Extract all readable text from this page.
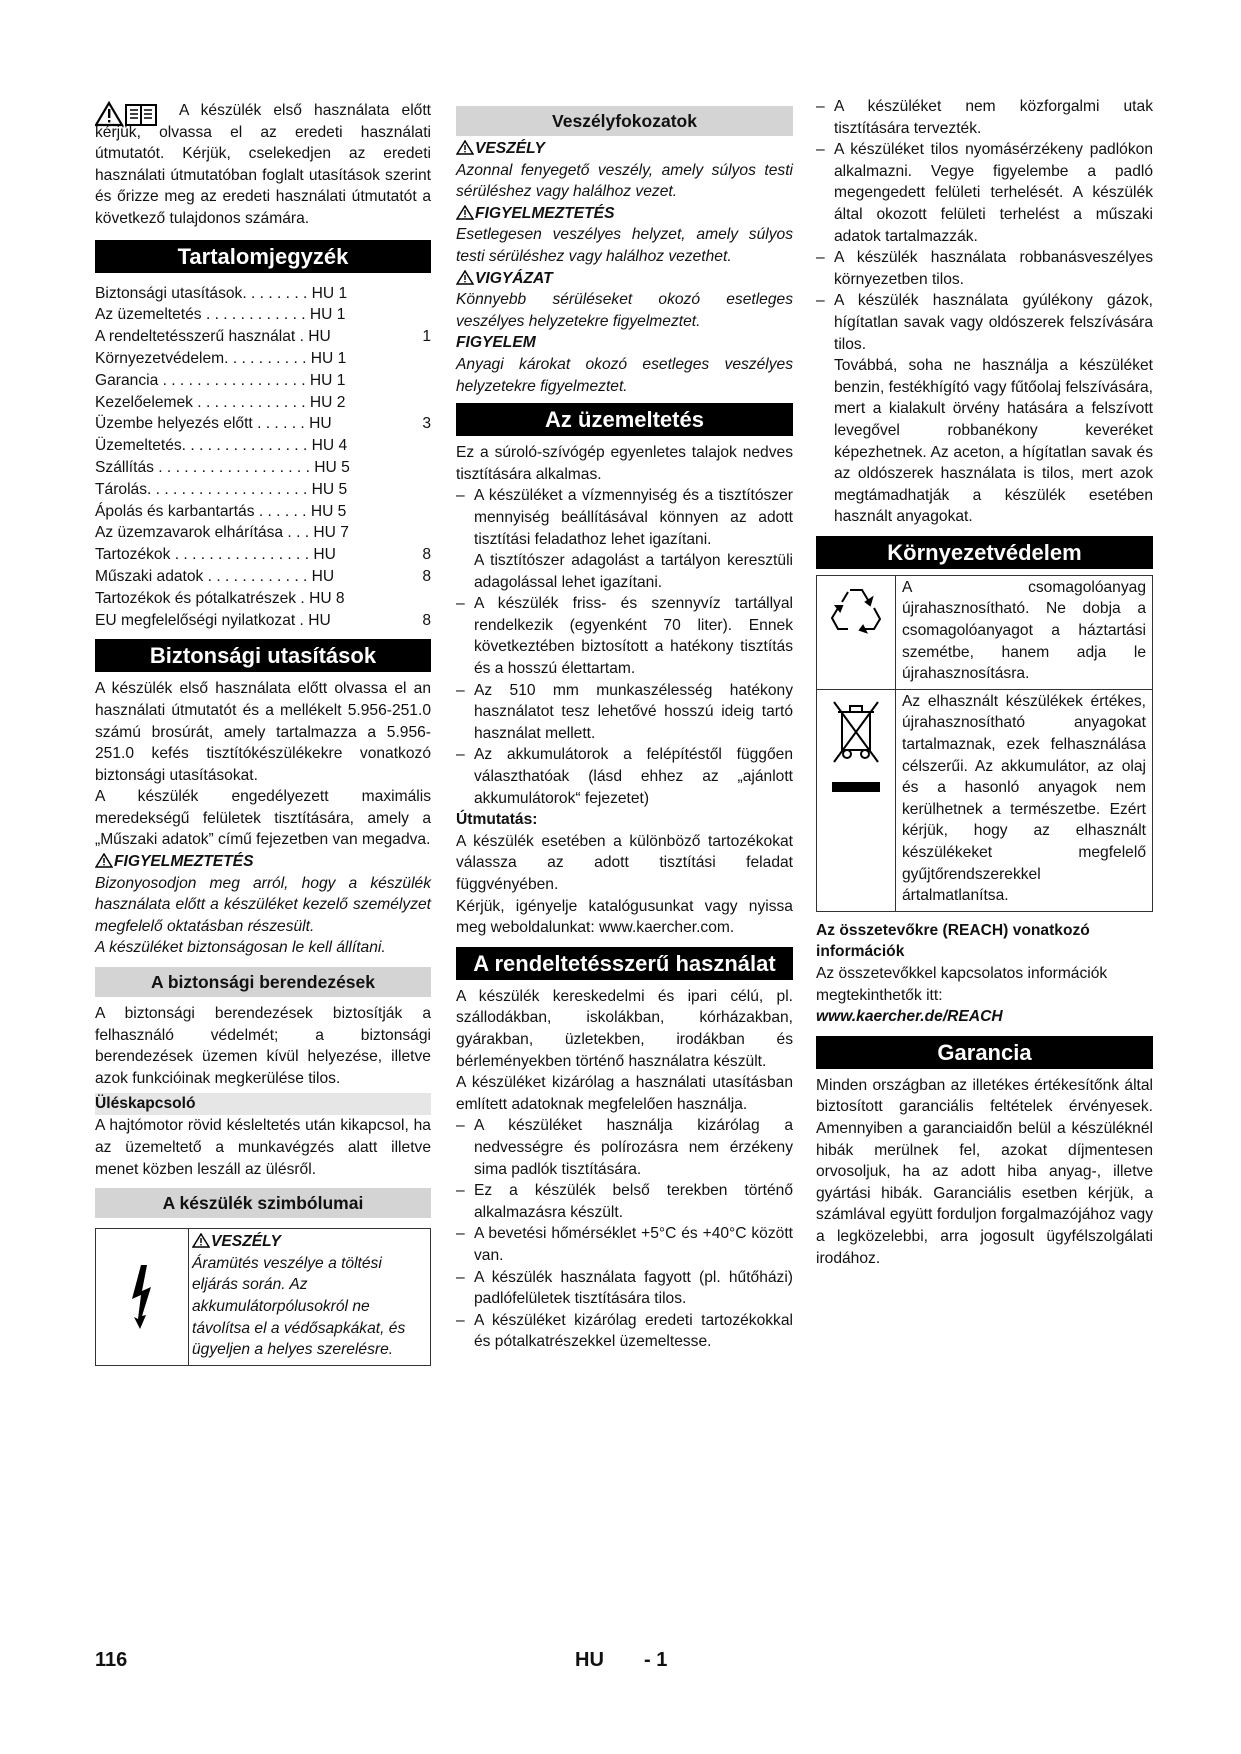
A készülék első használata előtt kérjük, olvassa el az eredeti használati útmutatót. Kérjük, cselekedjen az eredeti használati útmutatóban foglalt utasítások szerint és őrizze meg az eredeti használati útmutatót a következő tulajdonos számára.

Tartalomjegyzék
Biztonsági utasítások. . . . . . . . HU 1
Az üzemeltetés . . . . . . . . . . . . HU 1
A rendeltetésszerű használat . HU	1
Környezetvédelem. . . . . . . . . . HU 1
Garancia . . . . . . . . . . . . . . . . . HU 1
Kezelőelemek . . . . . . . . . . . . . HU 2
Üzembe helyezés előtt . . . . . . HU	3
Üzemeltetés. . . . . . . . . . . . . . . HU 4
Szállítás . . . . . . . . . . . . . . . . . . HU 5
Tárolás. . . . . . . . . . . . . . . . . . . HU 5
Ápolás és karbantartás . . . . . . HU 5
Az üzemzavarok elhárítása . . . HU 7
Tartozékok . . . . . . . . . . . . . . . . HU	8
Műszaki adatok . . . . . . . . . . . . HU	8
Tartozékok és pótalkatrészek . HU 8
EU megfelelőségi nyilatkozat . HU	8
Biztonsági utasítások

A készülék első használata előtt olvassa el an használati útmutatót és a mellékelt 5.956-251.0 számú brosúrát, amely tartalmazza a 5.956-251.0 kefés tisztítókészülékekre vonatkozó biztonsági utasításokat.

A készülék engedélyezett maximális meredekségű felületek tisztítására, amely a „Műszaki adatok” című fejezetben van megadva.

FIGYELMEZTETÉS

Bizonyosodjon meg arról, hogy a készülék használata előtt a készüléket kezelő személyzet megfelelő oktatásban részesült.

A készüléket biztonságosan le kell állítani.

A biztonsági berendezések

A biztonsági berendezések biztosítják a felhasználó védelmét; a biztonsági berendezések üzemen kívül helyezése, illetve azok funkcióinak megkerülése tilos.

Üléskapcsoló

A hajtómotor rövid késleltetés után kikapcsol, ha az üzemeltető a munkavégzés alatt illetve menet közben leszáll az ülésről.

A készülék szimbólumai

VESZÉLY

Áramütés veszélye a töltési eljárás során. Az akkumulátorpólusokról ne távolítsa el a védősapkákat, és ügyeljen a helyes szerelésre.

Veszélyfokozatok

VESZÉLY

Azonnal fenyegető veszély, amely súlyos testi sérüléshez vagy halálhoz vezet.

FIGYELMEZTETÉS

Esetlegesen veszélyes helyzet, amely súlyos testi sérüléshez vagy halálhoz vezethet.

VIGYÁZAT

Könnyebb sérüléseket okozó esetleges veszélyes helyzetekre figyelmeztet.

FIGYELEM

Anyagi károkat okozó esetleges veszélyes helyzetekre figyelmeztet.

Az üzemeltetés

Ez a súroló-szívógép egyenletes talajok nedves tisztítására alkalmas.

– A készüléket a vízmennyiség és a tisztítószer mennyiség beállításával könnyen az adott tisztítási feladathoz lehet igazítani.

A tisztítószer adagolást a tartályon keresztüli adagolással lehet igazítani.

– A készülék friss- és szennyvíz tartállyal rendelkezik (egyenként 70 liter). Ennek következtében biztosított a hatékony tisztítás és a hosszú élettartam.
– Az 510 mm munkaszélesség hatékony használatot tesz lehetővé hosszú ideig tartó használat mellett.
– Az akkumulátorok a felépítéstől függően választhatóak (lásd ehhez az „ajánlott akkumulátorok“ fejezetet)

Útmutatás:

A készülék esetében a különböző tartozékokat válassza az adott tisztítási feladat függvényében.

Kérjük, igényelje katalógusunkat vagy nyissa meg weboldalunkat: www.kaercher.com.

A rendeltetésszerű használat

A készülék kereskedelmi és ipari célú, pl. szállodákban, iskolákban, kórházakban, gyárakban, üzletekben, irodákban és bérleményekben történő használatra készült.

A készüléket kizárólag a használati utasításban említett adatoknak megfelelően használja.

– A készüléket használja kizárólag a nedvességre és polírozásra nem érzékeny sima padlók tisztítására.
– Ez a készülék belső terekben történő alkalmazásra készült.
– A bevetési hőmérséklet +5°C és +40°C között van.
– A készülék használata fagyott (pl. hűtőházi) padlófelületek tisztítására tilos.
– A készüléket kizárólag eredeti tartozékokkal és pótalkatrészekkel üzemeltesse.
– A készüléket nem közforgalmi utak tisztítására tervezték.
– A készüléket tilos nyomásérzékeny padlókon alkalmazni. Vegye figyelembe a padló megengedett felületi terhelését. A készülék által okozott felületi terhelést a műszaki adatok tartalmazzák.
– A készülék használata robbanásveszélyes környezetben tilos.
– A készülék használata gyúlékony gázok, hígítatlan savak vagy oldószerek felszívására tilos.

Továbbá, soha ne használja a készüléket benzin, festékhígító vagy fűtőolaj felszívására, mert a kialakult örvény hatására a felszívott levegővel robbanékony keveréket képezhetnek. Az aceton, a hígítatlan savak és az oldószerek használata is tilos, mert azok megtámadhatják a készülék esetében használt anyagokat.

Környezetvédelem
A csomagolóanyag újrahasznosítható. Ne dobja a csomagolóanyagot a háztartási szemétbe, hanem adja le újrahasznosításra.
Az elhasznált készülékek értékes, újrahasznosítható anyagokat tartalmaznak, ezek felhasználása célszerűi. Az akkumulátor, az olaj és a hasonló anyagok nem kerülhetnek a természetbe. Ezért kérjük, hogy az elhasznált készülékeket megfelelő gyűjtőrendszerekkel ártalmatlanítsa.

Az összetevőkre (REACH) vonatkozó információk

Az összetevőkkel kapcsolatos információk megtekinthetők itt:

www.kaercher.de/REACH

Garancia

Minden országban az illetékes értékesítőnk által biztosított garanciális feltételek érvényesek. Amennyiben a garanciaidőn belül a készüléknél hibák merülnek fel, azokat díjmentesen orvosoljuk, ha az adott hiba anyag-, illetve gyártási hibák. Garanciális esetben kérjük, a számlával együtt forduljon forgalmazójához vagy a legközelebbi, arra jogosult ügyfélszolgálati irodához.

116	HU - 1
